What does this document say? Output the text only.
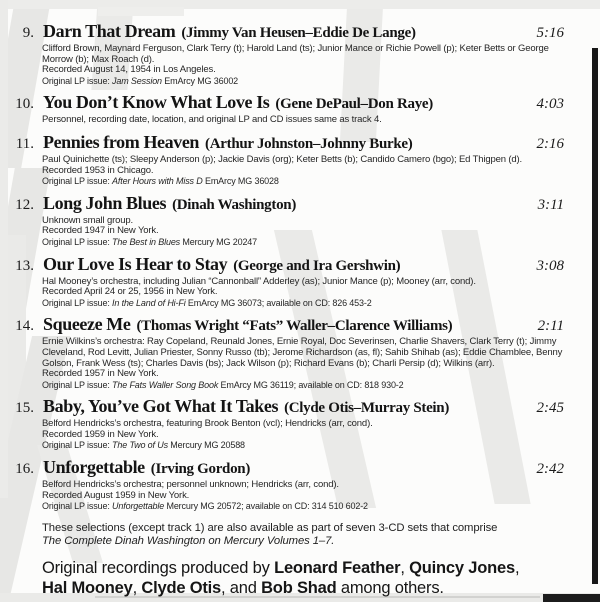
9. Darn That Dream (Jimmy Van Heusen–Eddie De Lange)	5:16
Clifford Brown, Maynard Ferguson, Clark Terry (t); Harold Land (ts); Junior Mance or Richie Powell (p); Keter Betts or George Morrow (b); Max Roach (d).
Recorded August 14, 1954 in Los Angeles.
Original LP issue: Jam Session EmArcy MG 36002
10. You Don’t Know What Love Is (Gene DePaul–Don Raye)	4:03
Personnel, recording date, location, and original LP and CD issues same as track 4.
11. Pennies from Heaven (Arthur Johnston–Johnny Burke)	2:16
Paul Quinichette (ts); Sleepy Anderson (p); Jackie Davis (org); Keter Betts (b); Candido Camero (bgo); Ed Thigpen (d).
Recorded 1953 in Chicago.
Original LP issue: After Hours with Miss D EmArcy MG 36028
12. Long John Blues (Dinah Washington)	3:11
Unknown small group.
Recorded 1947 in New York.
Original LP issue: The Best in Blues Mercury MG 20247
13. Our Love Is Hear to Stay (George and Ira Gershwin)	3:08
Hal Mooney’s orchestra, including Julian “Cannonball” Adderley (as); Junior Mance (p); Mooney (arr, cond).
Recorded April 24 or 25, 1956 in New York.
Original LP issue: In the Land of Hi-Fi EmArcy MG 36073; available on CD: 826 453-2
14. Squeeze Me (Thomas Wright “Fats” Waller–Clarence Williams)	2:11
Ernie Wilkins’s orchestra: Ray Copeland, Reunald Jones, Ernie Royal, Doc Severinsen, Charlie Shavers, Clark Terry (t); Jimmy Cleveland, Rod Levitt, Julian Priester, Sonny Russo (tb); Jerome Richardson (as, fl); Sahib Shihab (as); Eddie Chamblee, Benny Golson, Frank Wess (ts); Charles Davis (bs); Jack Wilson (p); Richard Evans (b); Charli Persip (d); Wilkins (arr).
Recorded 1957 in New York.
Original LP issue: The Fats Waller Song Book EmArcy MG 36119; available on CD: 818 930-2
15. Baby, You’ve Got What It Takes (Clyde Otis–Murray Stein)	2:45
Belford Hendricks’s orchestra, featuring Brook Benton (vcl); Hendricks (arr, cond).
Recorded 1959 in New York.
Original LP issue: The Two of Us Mercury MG 20588
16. Unforgettable (Irving Gordon)	2:42
Belford Hendricks’s orchestra; personnel unknown; Hendricks (arr, cond).
Recorded August 1959 in New York.
Original LP issue: Unforgettable Mercury MG 20572; available on CD: 314 510 602-2
These selections (except track 1) are also available as part of seven 3-CD sets that comprise
The Complete Dinah Washington on Mercury Volumes 1–7.
Original recordings produced by Leonard Feather, Quincy Jones,
Hal Mooney, Clyde Otis, and Bob Shad among others.
